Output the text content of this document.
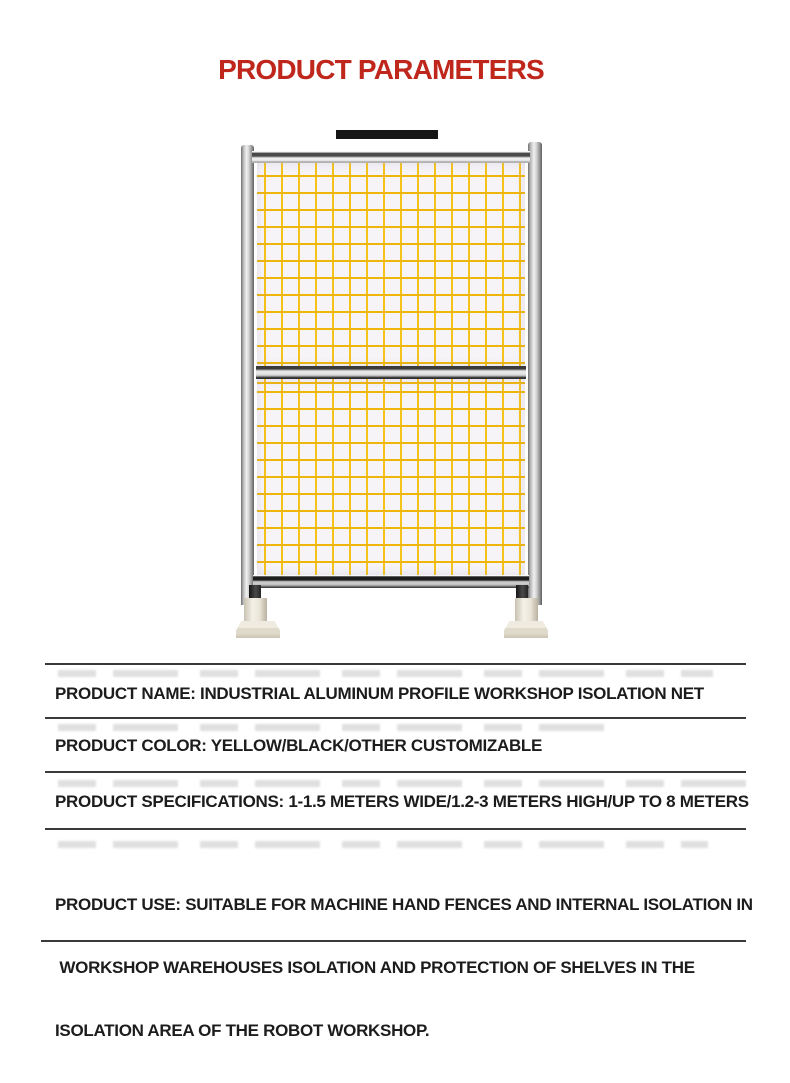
PRODUCT PARAMETERS
PRODUCT NAME: INDUSTRIAL ALUMINUM PROFILE WORKSHOP ISOLATION NET
PRODUCT COLOR: YELLOW/BLACK/OTHER CUSTOMIZABLE
PRODUCT SPECIFICATIONS: 1-1.5 METERS WIDE/1.2-3 METERS HIGH/UP TO 8 METERS

PRODUCT USE: SUITABLE FOR MACHINE HAND FENCES AND INTERNAL ISOLATION IN

WORKSHOP WAREHOUSES ISOLATION AND PROTECTION OF SHELVES IN THE

ISOLATION AREA OF THE ROBOT WORKSHOP.
